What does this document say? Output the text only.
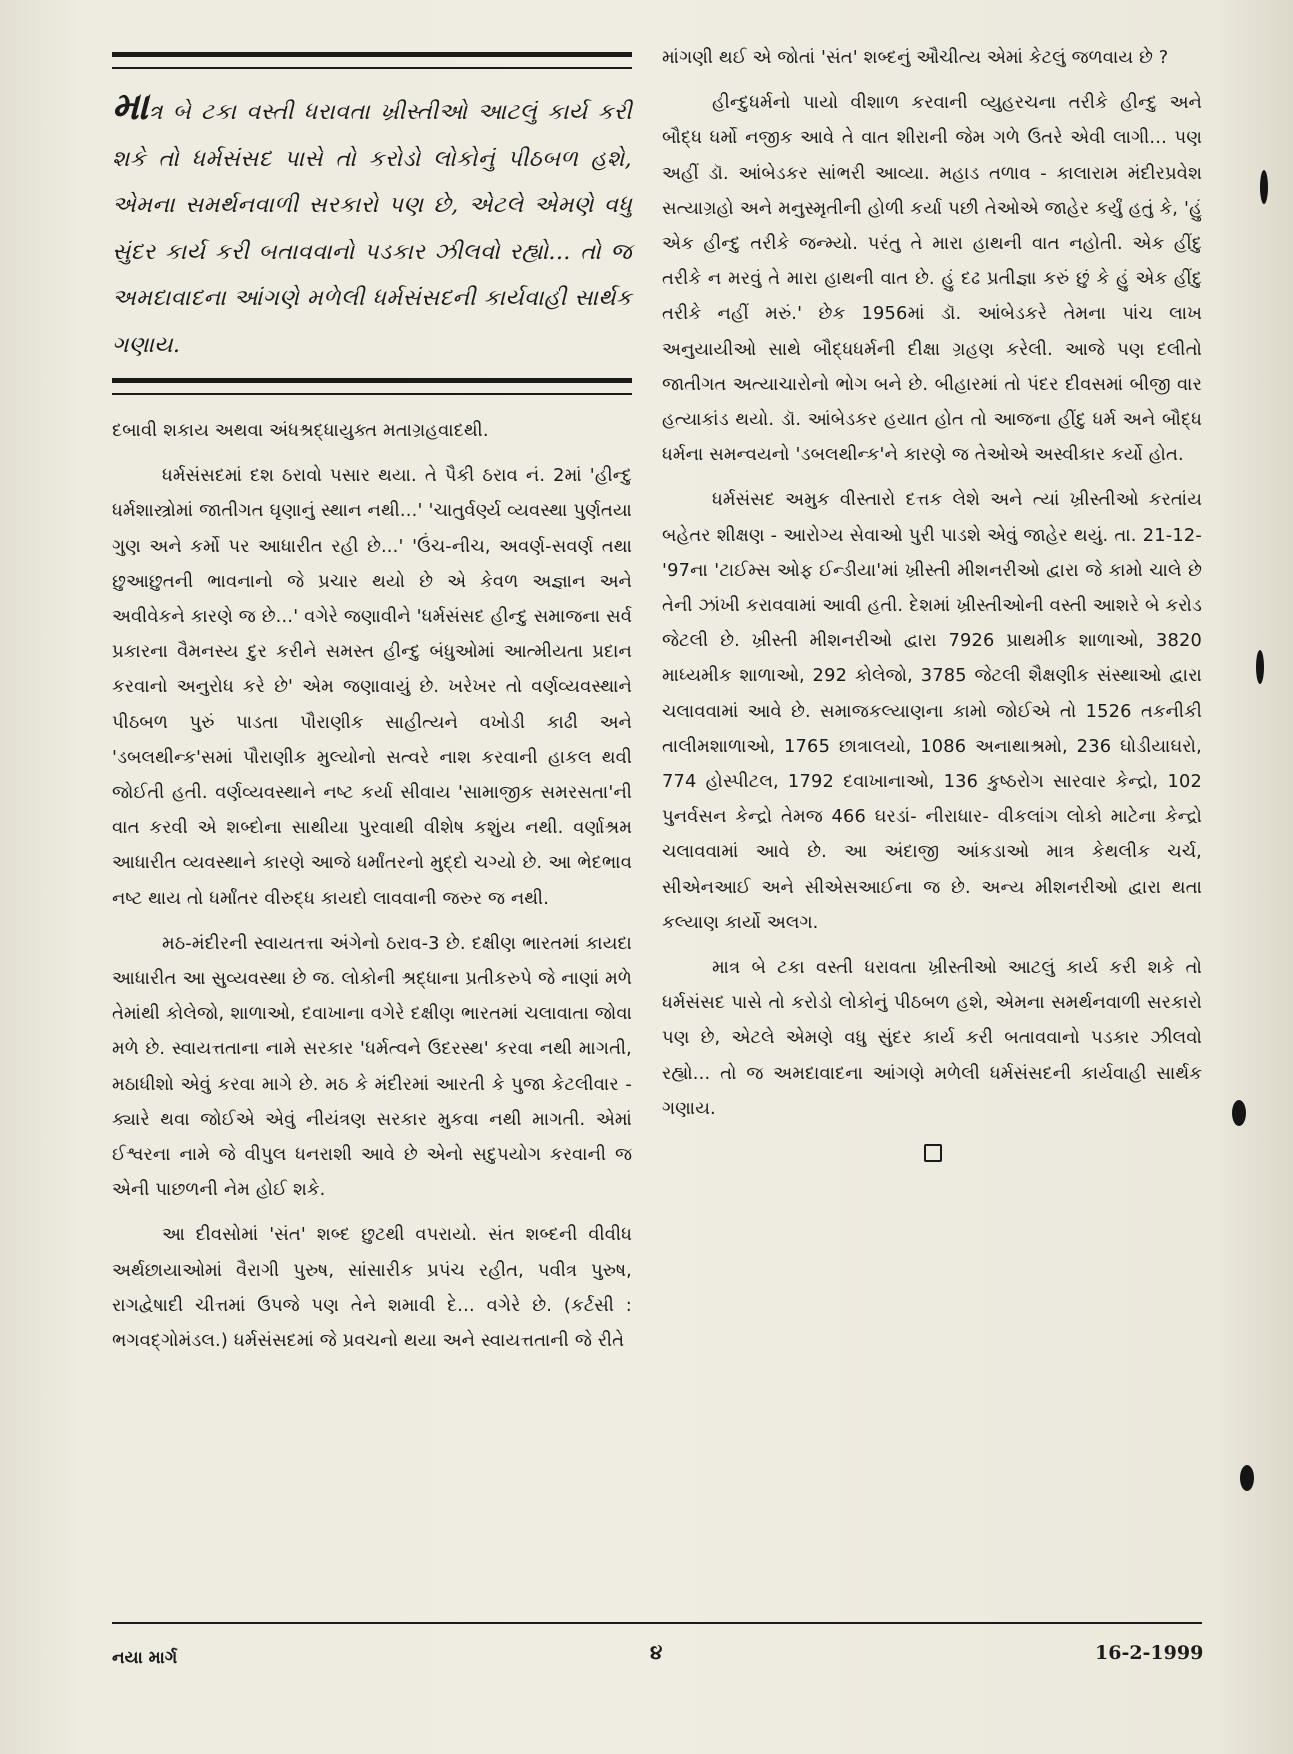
માત્ર બે ટકા વસ્તી ધરાવતા ખ્રીસ્તીઓ આટલું કાર્ય કરી શકે તો ધર્મસંસદ પાસે તો કરોડો લોકોનું પીઠબળ હશે, એમના સમર્થનવાળી સરકારો પણ છે, એટલે એમણે વધુ સુંદર કાર્ય કરી બતાવવાનો પડકાર ઝીલવો રહ્યો... તો જ અમદાવાદના આંગણે મળેલી ધર્મસંસદની કાર્યવાહી સાર્થક ગણાય.

દબાવી શકાય અથવા અંધશ્રદ્ધાયુક્ત મતાગ્રહવાદથી.

ધર્મસંસદમાં દશ ઠરાવો પસાર થયા. તે પૈકી ઠરાવ નં. 2માં 'હીન્દુ ધર્મશાસ્ત્રોમાં જાતીગત ઘૃણાનું સ્થાન નથી...' 'ચાતુર્વર્ણ્ય વ્યવસ્થા પુર્ણતયા ગુણ અને કર્મો પર આધારીત રહી છે...' 'ઉંચ-નીચ, અવર્ણ-સવર્ણ તથા છુઆછુતની ભાવનાનો જે પ્રચાર થયો છે એ કેવળ અજ્ઞાન અને અવીવેકને કારણે જ છે...' વગેરે જણાવીને 'ધર્મસંસદ હીન્દુ સમાજના સર્વ પ્રકારના વૈમનસ્ય દુર કરીને સમસ્ત હીન્દુ બંધુઓમાં આત્મીયતા પ્રદાન કરવાનો અનુરોધ કરે છે' એમ જણાવાયું છે. ખરેખર તો વર્ણવ્યવસ્થાને પીઠબળ પુરું પાડતા પૌરાણીક સાહીત્યને વખોડી કાઢી અને 'ડબલથીન્ક'સમાં પૌરાણીક મુલ્યોનો સત્વરે નાશ કરવાની હાકલ થવી જોઈતી હતી. વર્ણવ્યવસ્થાને નષ્ટ કર્યા સીવાય 'સામાજીક સમરસતા'ની વાત કરવી એ શબ્દોના સાથીયા પુરવાથી વીશેષ કશુંય નથી. વર્ણાશ્રમ આધારીત વ્યવસ્થાને કારણે આજે ધર્માંતરનો મુદ્દો ચગ્યો છે. આ ભેદભાવ નષ્ટ થાય તો ધર્માંતર વીરુદ્ધ કાયદો લાવવાની જરુર જ નથી.

મઠ-મંદીરની સ્વાયતત્તા અંગેનો ઠરાવ-3 છે. દક્ષીણ ભારતમાં કાયદા આધારીત આ સુવ્યવસ્થા છે જ. લોકોની શ્રદ્ધાના પ્રતીકરુપે જે નાણાં મળે તેમાંથી કોલેજો, શાળાઓ, દવાખાના વગેરે દક્ષીણ ભારતમાં ચલાવાતા જોવા મળે છે. સ્વાયત્તતાના નામે સરકાર 'ધર્મત્વને ઉદરસ્થ' કરવા નથી માગતી, મઠાધીશો એવું કરવા માગે છે. મઠ કે મંદીરમાં આરતી કે પુજા કેટલીવાર - ક્યારે થવા જોઈએ એવું નીયંત્રણ સરકાર મુકવા નથી માગતી. એમાં ઈશ્વરના નામે જે વીપુલ ધનરાશી આવે છે એનો સદુપયોગ કરવાની જ એની પાછળની નેમ હોઈ શકે.

આ દીવસોમાં 'સંત' શબ્દ છુટથી વપરાયો. સંત શબ્દની વીવીધ અર્થછાયાઓમાં વૈરાગી પુરુષ, સાંસારીક પ્રપંચ રહીત, પવીત્ર પુરુષ, રાગદ્વેષાદી ચીત્તમાં ઉપજે પણ તેને શમાવી દે... વગેરે છે. (કર્ટસી : ભગવદ્ગોમંડલ.) ધર્મસંસદમાં જે પ્રવચનો થયા અને સ્વાયત્તતાની જે રીતે

માંગણી થઈ એ જોતાં 'સંત' શબ્દનું ઔચીત્ય એમાં કેટલું જળવાય છે ?

હીન્દુધર્મનો પાયો વીશાળ કરવાની વ્યુહરચના તરીકે હીન્દુ અને બૌદ્ધ ધર્મો નજીક આવે તે વાત શીરાની જેમ ગળે ઉતરે એવી લાગી... પણ અહીં ડૉ. આંબેડકર સાંભરી આવ્યા. મહાડ તળાવ - કાલારામ મંદીરપ્રવેશ સત્યાગ્રહો અને મનુસ્મૃતીની હોળી કર્યા પછી તેઓએ જાહેર કર્યું હતું કે, 'હું એક હીન્દુ તરીકે જન્મ્યો. પરંતુ તે મારા હાથની વાત નહોતી. એક હીંદુ તરીકે ન મરવું તે મારા હાથની વાત છે. હું દઢ પ્રતીજ્ઞા કરું છું કે હું એક હીંદુ તરીકે નહીં મરું.' છેક 1956માં ડૉ. આંબેડકરે તેમના પાંચ લાખ અનુયાયીઓ સાથે બૌદ્ધધર્મની દીક્ષા ગ્રહણ કરેલી. આજે પણ દલીતો જાતીગત અત્યાચારોનો ભોગ બને છે. બીહારમાં તો પંદર દીવસમાં બીજી વાર હત્યાકાંડ થયો. ડૉ. આંબેડકર હયાત હોત તો આજના હીંદુ ધર્મ અને બૌદ્ધ ધર્મના સમન્વયનો 'ડબલથીન્ક'ને કારણે જ તેઓએ અસ્વીકાર કર્યો હોત.

ધર્મસંસદ અમુક વીસ્તારો દત્તક લેશે અને ત્યાં ખ્રીસ્તીઓ કરતાંય બહેતર શીક્ષણ - આરોગ્ય સેવાઓ પુરી પાડશે એવું જાહેર થયું. તા. 21-12-'97ના 'ટાઈમ્સ ઓફ ઈન્ડીયા'માં ખ્રીસ્તી મીશનરીઓ દ્વારા જે કામો ચાલે છે તેની ઝાંખી કરાવવામાં આવી હતી. દેશમાં ખ્રીસ્તીઓની વસ્તી આશરે બે કરોડ જેટલી છે. ખ્રીસ્તી મીશનરીઓ દ્વારા 7926 પ્રાથમીક શાળાઓ, 3820 માધ્યમીક શાળાઓ, 292 કોલેજો, 3785 જેટલી શૈક્ષણીક સંસ્થાઓ દ્વારા ચલાવવામાં આવે છે. સમાજકલ્યાણના કામો જોઈએ તો 1526 તકનીકી તાલીમશાળાઓ, 1765 છાત્રાલયો, 1086 અનાથાશ્રમો, 236 ઘોડીયાઘરો, 774 હોસ્પીટલ, 1792 દવાખાનાઓ, 136 કુષ્ઠરોગ સારવાર કેન્દ્રો, 102 પુનર્વસન કેન્દ્રો તેમજ 466 ઘરડાં- નીરાધાર- વીકલાંગ લોકો માટેના કેન્દ્રો ચલાવવામાં આવે છે. આ અંદાજી આંકડાઓ માત્ર કેથલીક ચર્ચ, સીએનઆઈ અને સીએસઆઈના જ છે. અન્ય મીશનરીઓ દ્વારા થતા કલ્યાણ કાર્યો અલગ.

માત્ર બે ટકા વસ્તી ધરાવતા ખ્રીસ્તીઓ આટલું કાર્ય કરી શકે તો ધર્મસંસદ પાસે તો કરોડો લોકોનું પીઠબળ હશે, એમના સમર્થનવાળી સરકારો પણ છે, એટલે એમણે વધુ સુંદર કાર્ય કરી બતાવવાનો પડકાર ઝીલવો રહ્યો... તો જ અમદાવાદના આંગણે મળેલી ધર્મસંસદની કાર્યવાહી સાર્થક ગણાય.

નયા માર્ગ	૪	16-2-1999
